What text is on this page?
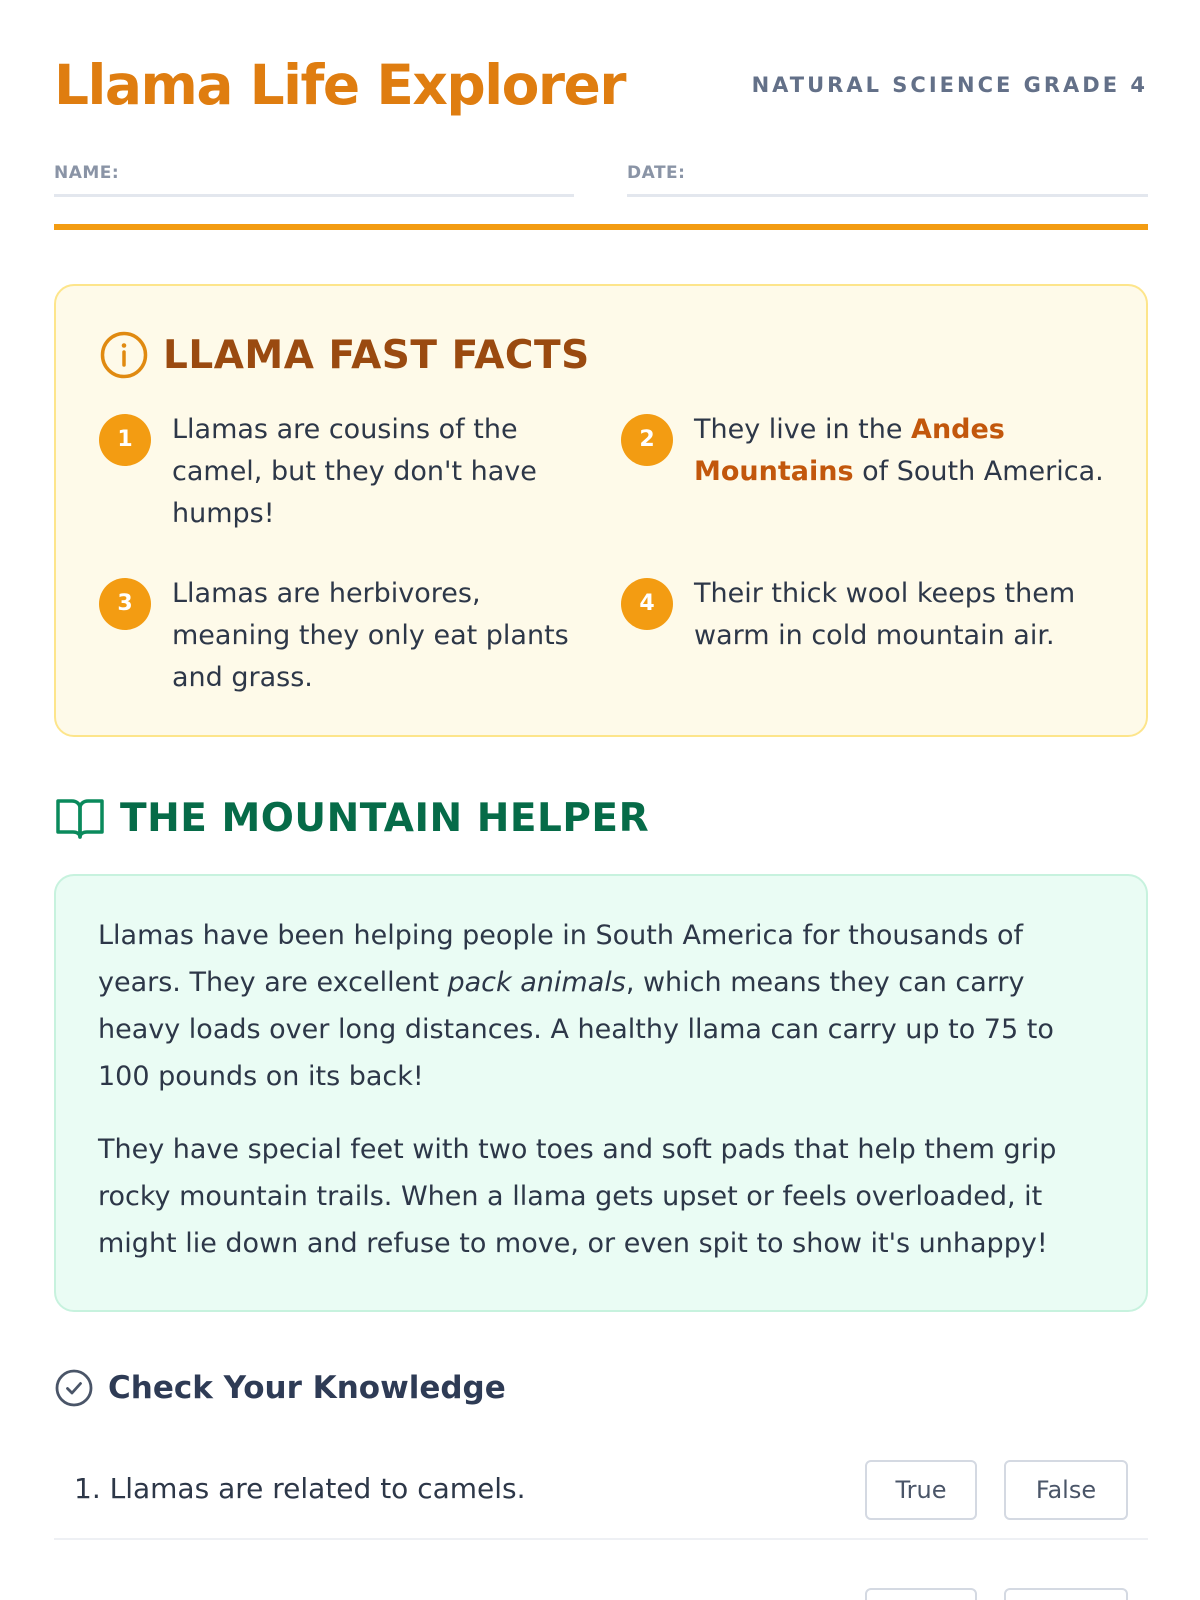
Llama Life Explorer	NATURAL SCIENCE GRADE 4
NAME:	DATE:
LLAMA FAST FACTS
1	Llamas are cousins of the camel, but they don't have humps!
2	They live in the Andes Mountains of South America.
3	Llamas are herbivores, meaning they only eat plants and grass.
4	Their thick wool keeps them warm in cold mountain air.
THE MOUNTAIN HELPER

Llamas have been helping people in South America for thousands of years. They are excellent pack animals, which means they can carry heavy loads over long distances. A healthy llama can carry up to 75 to 100 pounds on its back!

They have special feet with two toes and soft pads that help them grip rocky mountain trails. When a llama gets upset or feels overloaded, it might lie down and refuse to move, or even spit to show it's unhappy!

Check Your Knowledge
1. Llamas are related to camels.	True	False
